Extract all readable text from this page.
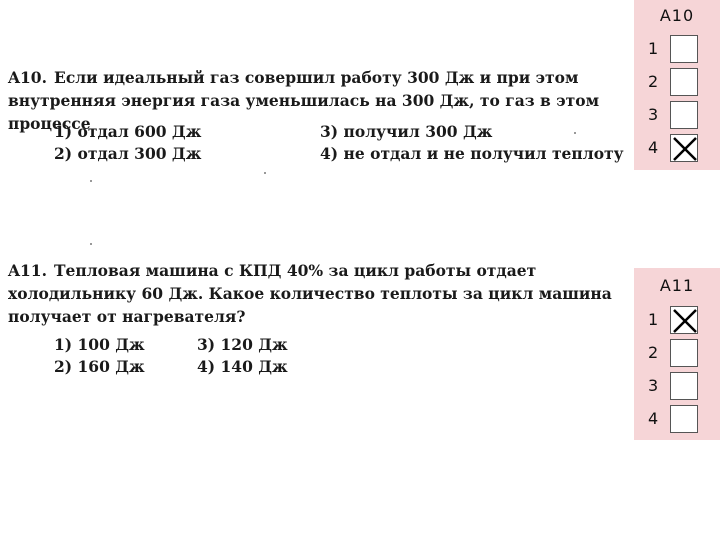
A10. Если идеальный газ совершил работу 300 Дж и при этом внутренняя энергия газа уменьшилась на 300 Дж, то газ в этом процессе
1) отдал 600 Дж
2) отдал 300 Дж
3) получил 300 Дж
4) не отдал и не получил теплоту
A11. Тепловая машина с КПД 40% за цикл работы отдает холодильнику 60 Дж. Какое количество теплоты за цикл машина получает от нагревателя?
1) 100 Дж
2) 160 Дж
3) 120 Дж
4) 140 Дж
А10
1
2
3
4
А11
1
2
3
4
